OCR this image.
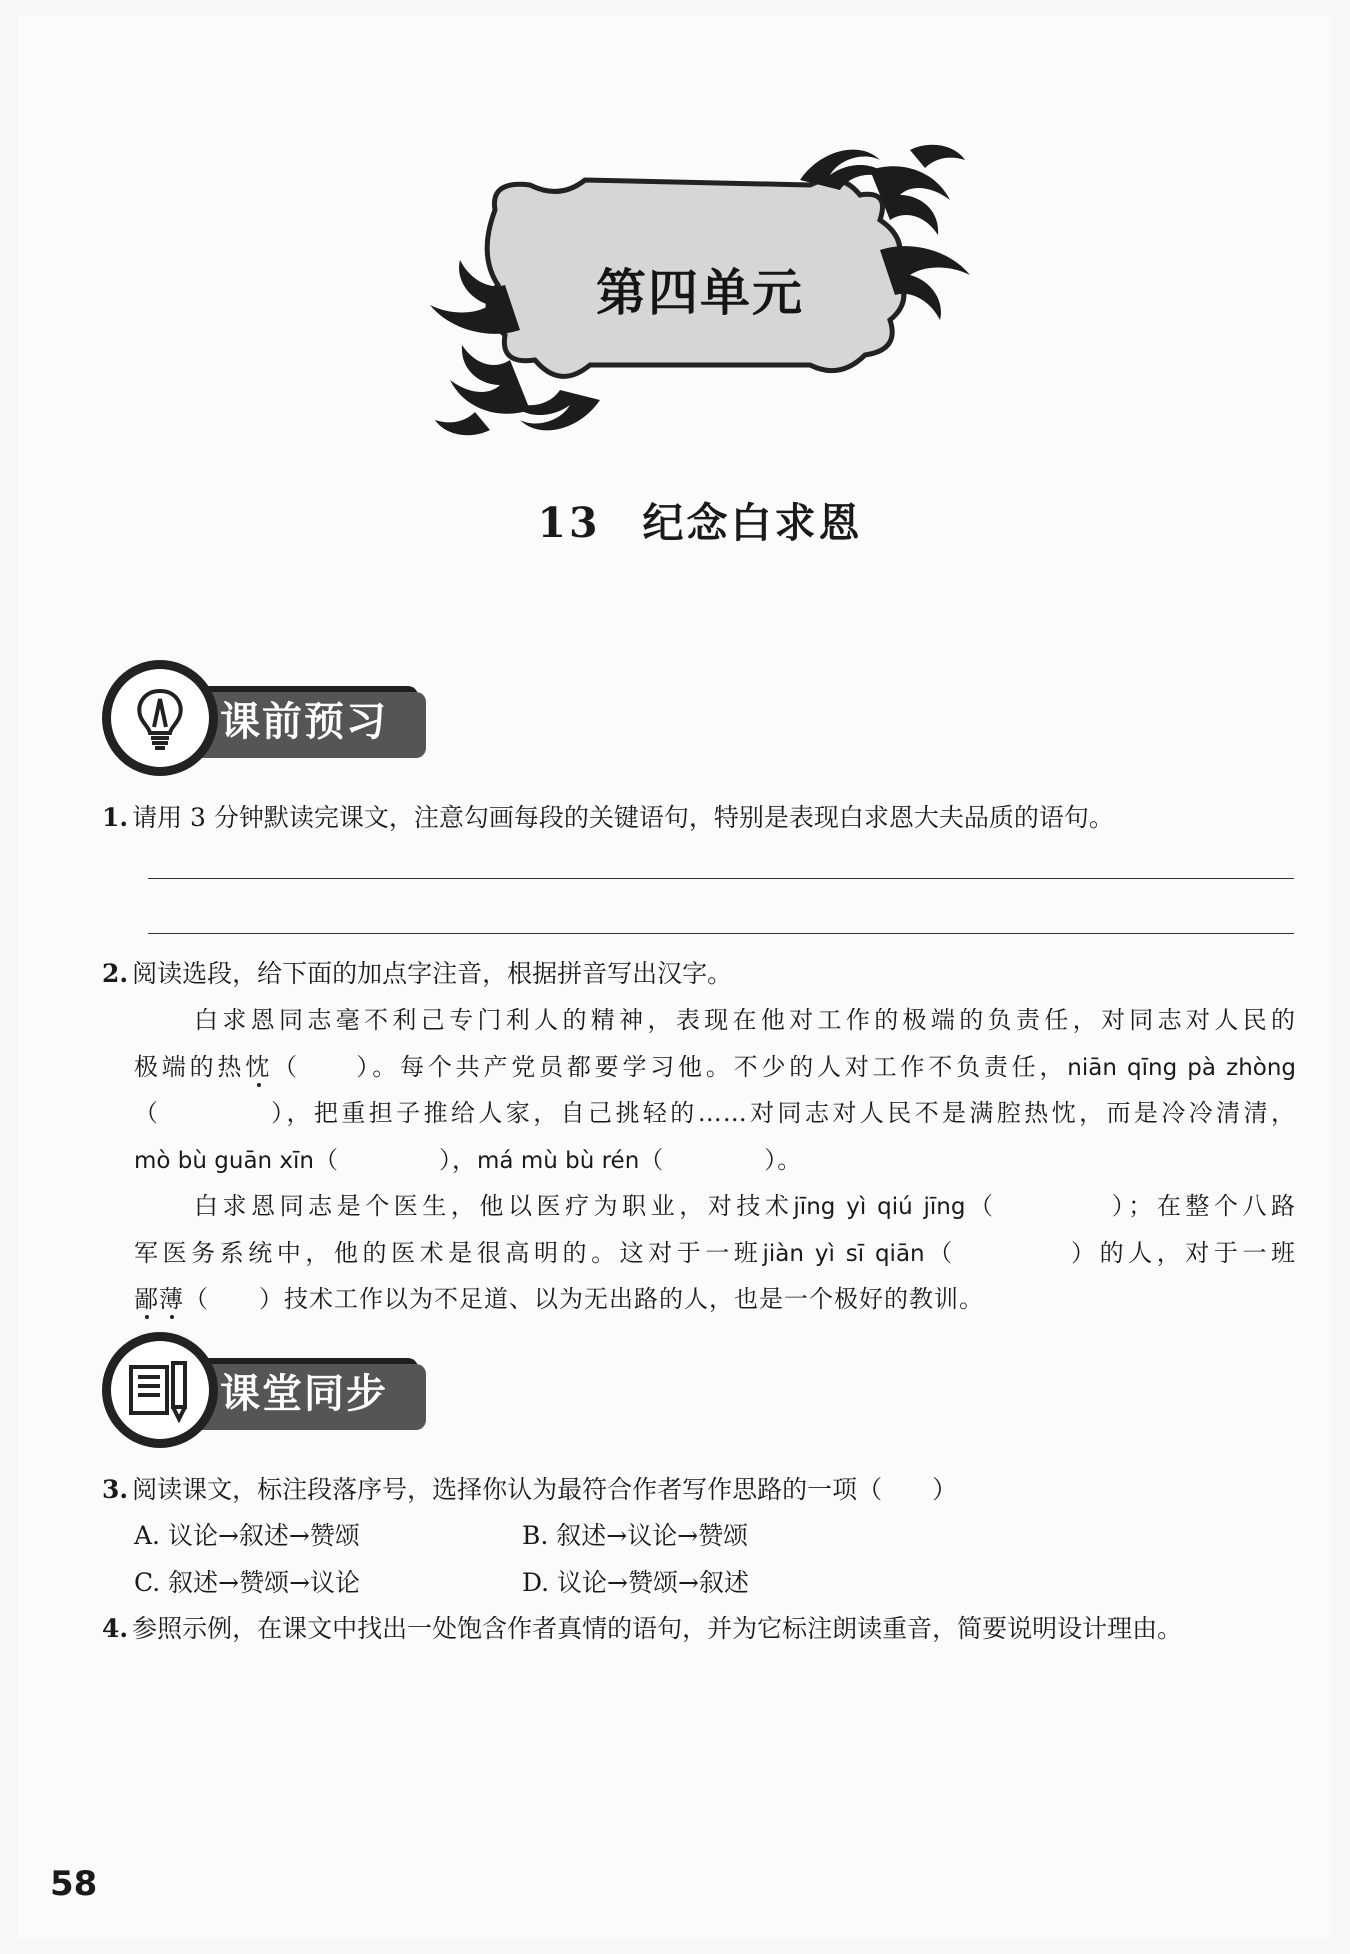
第四单元
13 纪念白求恩
课前预习
1. 请用 3 分钟默读完课文，注意勾画每段的关键语句，特别是表现白求恩大夫品质的语句。
2. 阅读选段，给下面的加点字注音，根据拼音写出汉字。
白求恩同志毫不利己专门利人的精神，表现在他对工作的极端的负责任，对同志对人民的
极端的热忱（　　）。每个共产党员都要学习他。不少的人对工作不负责任，niān qīng pà zhòng
（　　　　），把重担子推给人家，自己挑轻的……对同志对人民不是满腔热忱，而是冷冷清清，
mò bù guān xīn（　　　　），má mù bù rén（　　　　）。
白求恩同志是个医生，他以医疗为职业，对技术jīng yì qiú jīng（　　　　）；在整个八路
军医务系统中，他的医术是很高明的。这对于一班jiàn yì sī qiān（　　　　）的人，对于一班
鄙薄（　　）技术工作以为不足道、以为无出路的人，也是一个极好的教训。
课堂同步
3. 阅读课文，标注段落序号，选择你认为最符合作者写作思路的一项（　　）
A. 议论→叙述→赞颂	B. 叙述→议论→赞颂
C. 叙述→赞颂→议论	D. 议论→赞颂→叙述
4. 参照示例，在课文中找出一处饱含作者真情的语句，并为它标注朗读重音，简要说明设计理由。
58
